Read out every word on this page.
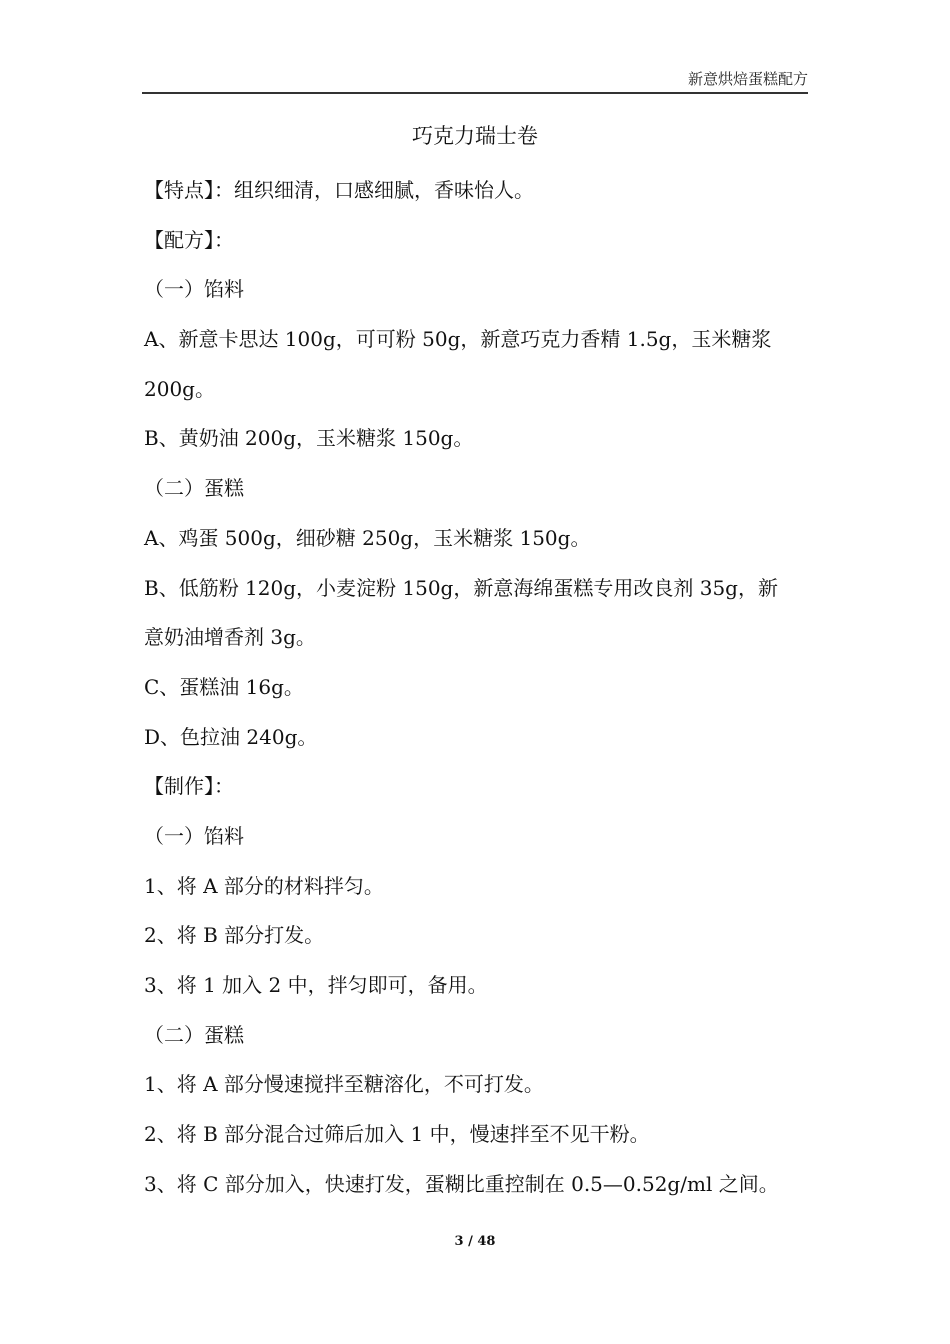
新意烘焙蛋糕配方
巧克力瑞士卷
【特点】：组织细清，口感细腻，香味怡人。
【配方】：
（一）馅料
A、新意卡思达 100g，可可粉 50g，新意巧克力香精 1.5g，玉米糖浆
200g。
B、黄奶油 200g，玉米糖浆 150g。
（二）蛋糕
A、鸡蛋 500g，细砂糖 250g，玉米糖浆 150g。
B、低筋粉 120g，小麦淀粉 150g，新意海绵蛋糕专用改良剂 35g，新
意奶油增香剂 3g。
C、蛋糕油 16g。
D、色拉油 240g。
【制作】：
（一）馅料
1、将 A 部分的材料拌匀。
2、将 B 部分打发。
3、将 1 加入 2 中，拌匀即可，备用。
（二）蛋糕
1、将 A 部分慢速搅拌至糖溶化，不可打发。
2、将 B 部分混合过筛后加入 1 中，慢速拌至不见干粉。
3、将 C 部分加入，快速打发，蛋糊比重控制在 0.5—0.52g/ml 之间。
3 / 48
